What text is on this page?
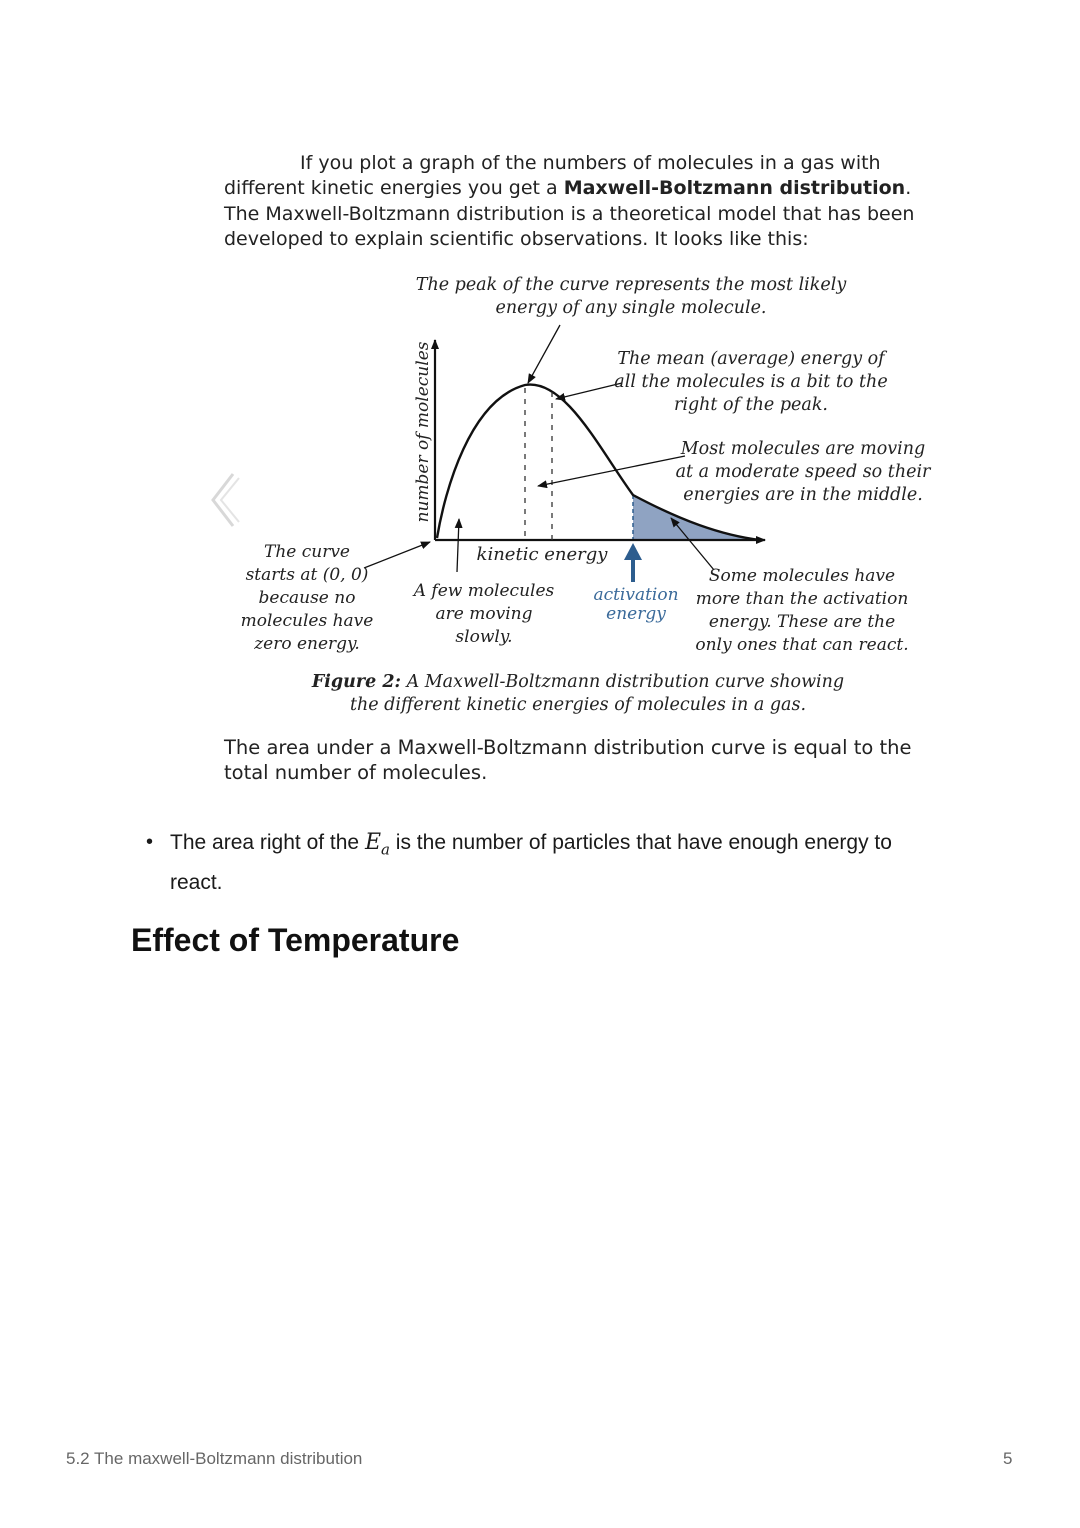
If you plot a graph of the numbers of molecules in a gas with different kinetic energies you get a Maxwell-Boltzmann distribution.

The Maxwell-Boltzmann distribution is a theoretical model that has been developed to explain scientific observations. It looks like this:

The peak of the curve represents the most likely
energy of any single molecule.
The mean (average) energy of
all the molecules is a bit to the
right of the peak.
Most molecules are moving
at a moderate speed so their
energies are in the middle.
number of molecules
kinetic energy
The curve
starts at (0, 0)
because no
molecules have
zero energy.
A few molecules
are moving
slowly.
activation
energy
Some molecules have
more than the activation
energy. These are the
only ones that can react.
Figure 2: A Maxwell-Boltzmann distribution curve showing
the different kinetic energies of molecules in a gas.

The area under a Maxwell-Boltzmann distribution curve is equal to the total number of molecules.

• The area right of the $E_a$ is the number of particles that have enough energy to react.
Effect of Temperature
5.2 The maxwell-Boltzmann distribution	5
